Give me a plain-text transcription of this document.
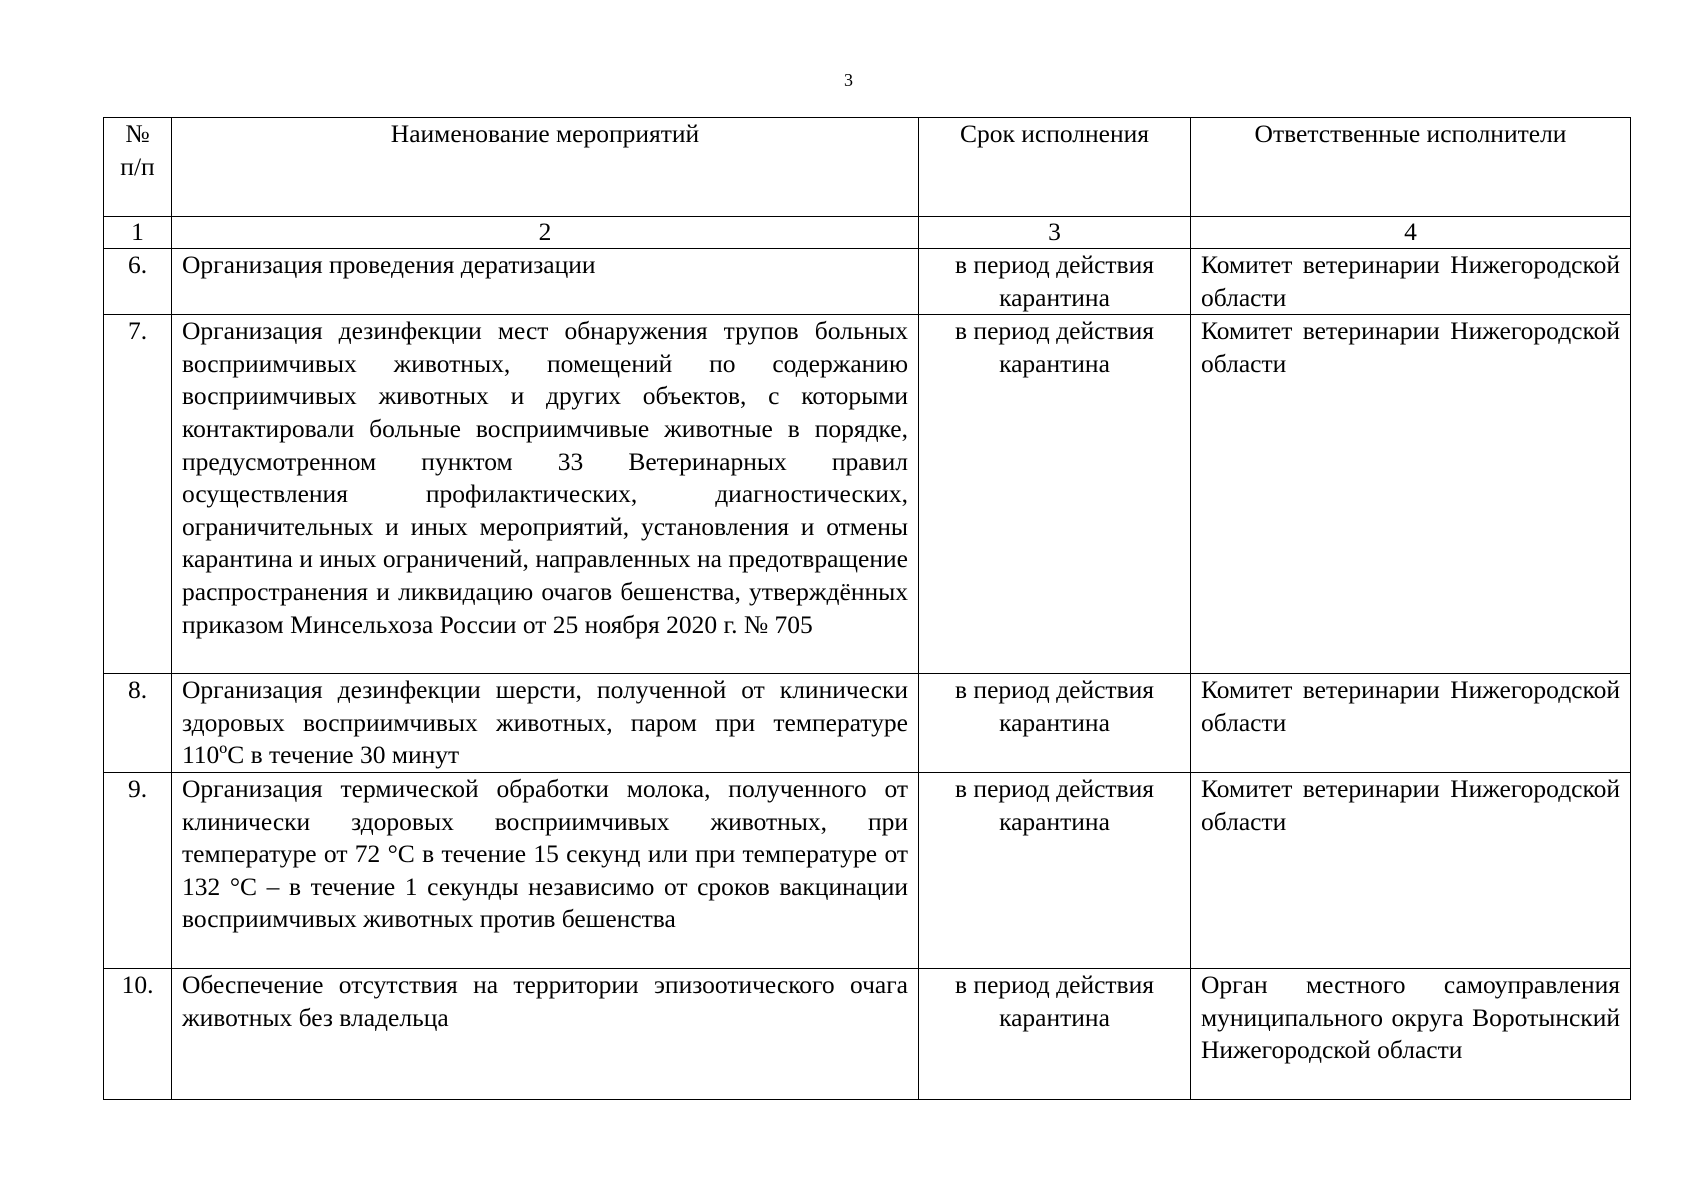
3
№ п/п	Наименование мероприятий	Срок исполнения	Ответственные исполнители
1	2	3	4
6.	Организация проведения дератизации	в период действия карантина	Комитет ветеринарии Нижегородской области
7.	Организация дезинфекции мест обнаружения трупов больных восприимчивых животных, помещений по содержанию восприимчивых животных и других объектов, с которыми контактировали больные восприимчивые животные в порядке, предусмотренном пунктом 33 Ветеринарных правил осуществления профилактических, диагностических, ограничительных и иных мероприятий, установления и отмены карантина и иных ограничений, направленных на предотвращение распространения и ликвидацию очагов бешенства, утверждённых приказом Минсельхоза России от 25 ноября 2020 г. № 705	в период действия карантина	Комитет ветеринарии Нижегородской области
8.	Организация дезинфекции шерсти, полученной от клинически здоровых восприимчивых животных, паром при температуре 110ºС в течение 30 минут	в период действия карантина	Комитет ветеринарии Нижегородской области
9.	Организация термической обработки молока, полученного от клинически здоровых восприимчивых животных, при температуре от 72 °C в течение 15 секунд или при температуре от 132 °C – в течение 1 секунды независимо от сроков вакцинации восприимчивых животных против бешенства	в период действия карантина	Комитет ветеринарии Нижегородской области
10.	Обеспечение отсутствия на территории эпизоотического очага животных без владельца	в период действия карантина	Орган местного самоуправления муниципального округа Воротынский Нижегородской области
